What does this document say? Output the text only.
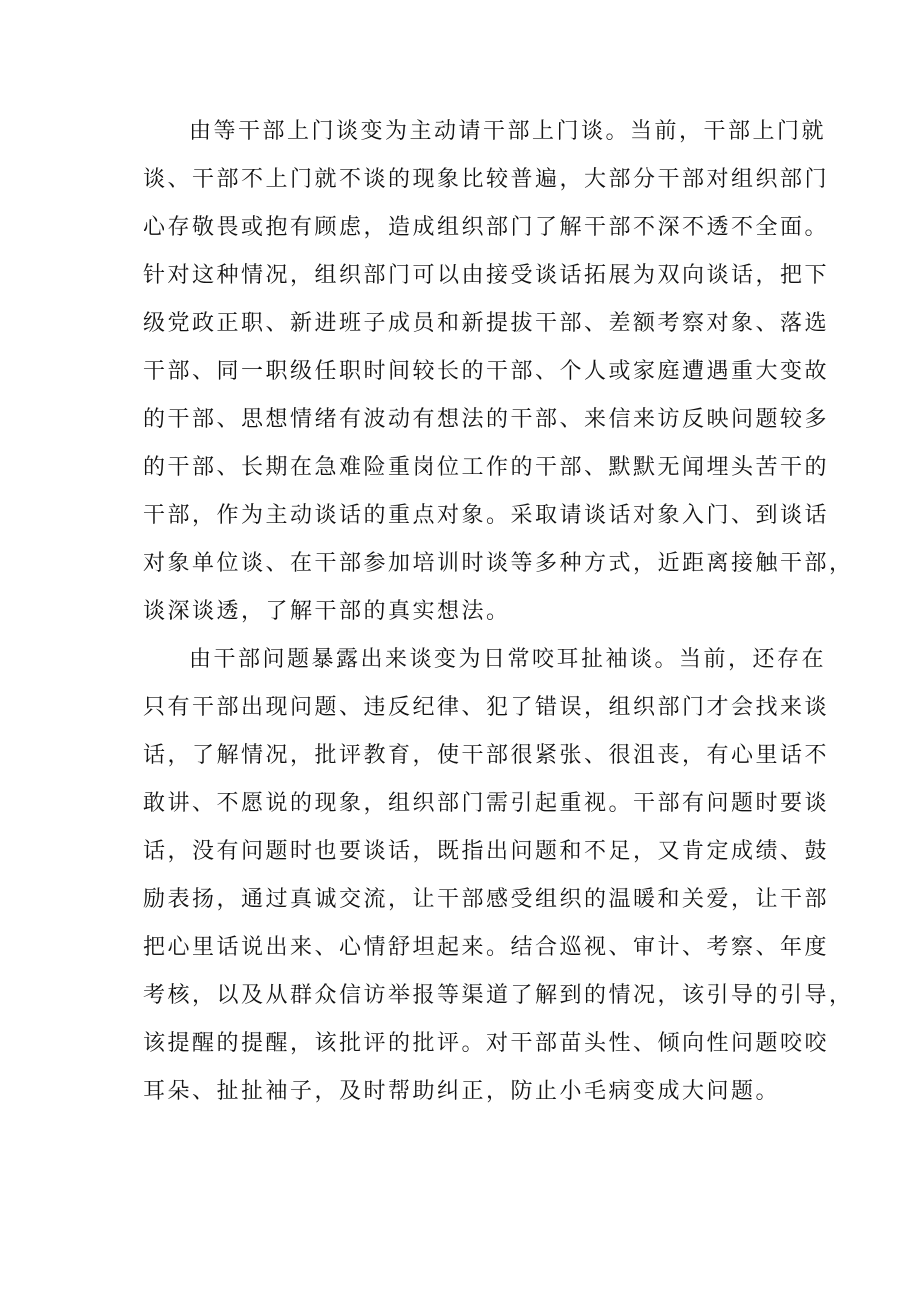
由等干部上门谈变为主动请干部上门谈。当前，干部上门就
谈、干部不上门就不谈的现象比较普遍，大部分干部对组织部门
心存敬畏或抱有顾虑，造成组织部门了解干部不深不透不全面。
针对这种情况，组织部门可以由接受谈话拓展为双向谈话，把下
级党政正职、新进班子成员和新提拔干部、差额考察对象、落选
干部、同一职级任职时间较长的干部、个人或家庭遭遇重大变故
的干部、思想情绪有波动有想法的干部、来信来访反映问题较多
的干部、长期在急难险重岗位工作的干部、默默无闻埋头苦干的
干部，作为主动谈话的重点对象。采取请谈话对象入门、到谈话
对象单位谈、在干部参加培训时谈等多种方式，近距离接触干部，
谈深谈透，了解干部的真实想法。
由干部问题暴露出来谈变为日常咬耳扯袖谈。当前，还存在
只有干部出现问题、违反纪律、犯了错误，组织部门才会找来谈
话，了解情况，批评教育，使干部很紧张、很沮丧，有心里话不
敢讲、不愿说的现象，组织部门需引起重视。干部有问题时要谈
话，没有问题时也要谈话，既指出问题和不足，又肯定成绩、鼓
励表扬，通过真诚交流，让干部感受组织的温暖和关爱，让干部
把心里话说出来、心情舒坦起来。结合巡视、审计、考察、年度
考核，以及从群众信访举报等渠道了解到的情况，该引导的引导，
该提醒的提醒，该批评的批评。对干部苗头性、倾向性问题咬咬
耳朵、扯扯袖子，及时帮助纠正，防止小毛病变成大问题。
